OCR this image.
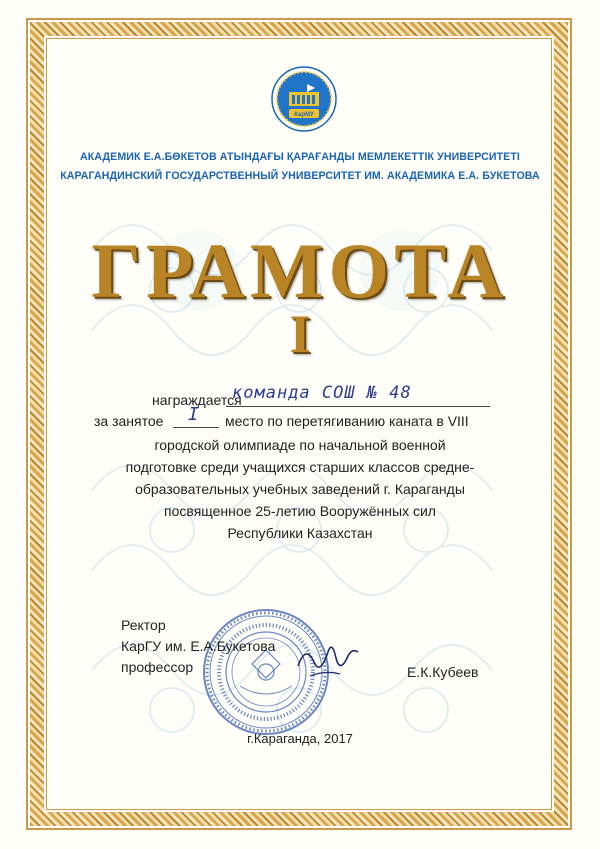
КарМУ
АКАДЕМИК Е.А.БӨКЕТОВ АТЫНДАҒЫ ҚАРАҒАНДЫ МЕМЛЕКЕТТІК УНИВЕРСИТЕТІ
КАРАГАНДИНСКИЙ ГОСУДАРСТВЕННЫЙ УНИВЕРСИТЕТ ИМ. АКАДЕМИКА Е.А. БУКЕТОВА
ГРАМОТА
I
награждается
команда СОШ № 48
за занятое I место по перетягиванию каната в VIII
городской олимпиаде по начальной военной
подготовке среди учащихся старших классов средне-
образовательных учебных заведений г. Караганды
посвященное 25-летию Вооружённых сил
Республики Казахстан
Ректор
КарГУ им. Е.А.Букетова
профессор	Е.К.Кубеев
г.Караганда, 2017
